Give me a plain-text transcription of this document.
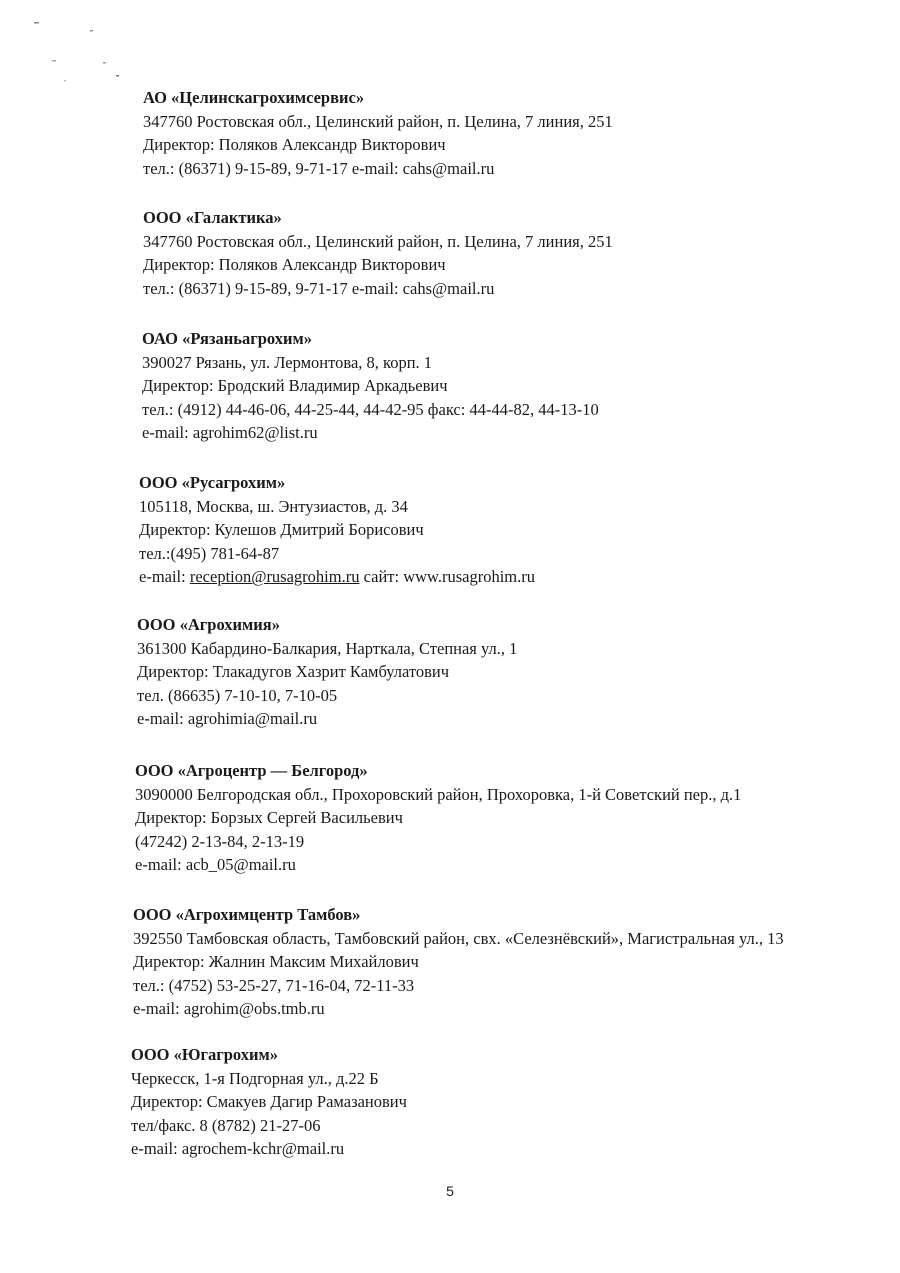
АО «Целинскагрохимсервис»
347760 Ростовская обл., Целинский район, п. Целина, 7 линия, 251
Директор: Поляков Александр Викторович
тел.: (86371) 9-15-89, 9-71-17 e-mail: cahs@mail.ru
ООО «Галактика»
347760 Ростовская обл., Целинский район, п. Целина, 7 линия, 251
Директор: Поляков Александр Викторович
тел.: (86371) 9-15-89, 9-71-17 e-mail: cahs@mail.ru
ОАО «Рязаньагрохим»
390027 Рязань, ул. Лермонтова, 8, корп. 1
Директор: Бродский Владимир Аркадьевич
тел.: (4912) 44-46-06, 44-25-44, 44-42-95 факс: 44-44-82, 44-13-10
e-mail: agrohim62@list.ru
ООО «Русагрохим»
105118, Москва, ш. Энтузиастов, д. 34
Директор: Кулешов Дмитрий Борисович
тел.:(495) 781-64-87
e-mail: reception@rusagrohim.ru сайт: www.rusagrohim.ru
ООО «Агрохимия»
361300 Кабардино-Балкария, Нарткала, Степная ул., 1
Директор: Тлакадугов Хазрит Камбулатович
тел. (86635) 7-10-10, 7-10-05
e-mail: agrohimia@mail.ru
ООО «Агроцентр — Белгород»
3090000 Белгородская обл., Прохоровский район, Прохоровка, 1-й Советский пер., д.1
Директор: Борзых Сергей Васильевич
(47242) 2-13-84, 2-13-19
e-mail: acb_05@mail.ru
ООО «Агрохимцентр Тамбов»
392550 Тамбовская область, Тамбовский район, свх. «Селезнёвский», Магистральная ул., 13
Директор: Жалнин Максим Михайлович
тел.: (4752) 53-25-27, 71-16-04, 72-11-33
e-mail: agrohim@obs.tmb.ru
ООО «Югагрохим»
Черкесск, 1-я Подгорная ул., д.22 Б
Директор: Смакуев Дагир Рамазанович
тел/факс. 8 (8782) 21-27-06
e-mail: agrochem-kchr@mail.ru
5
